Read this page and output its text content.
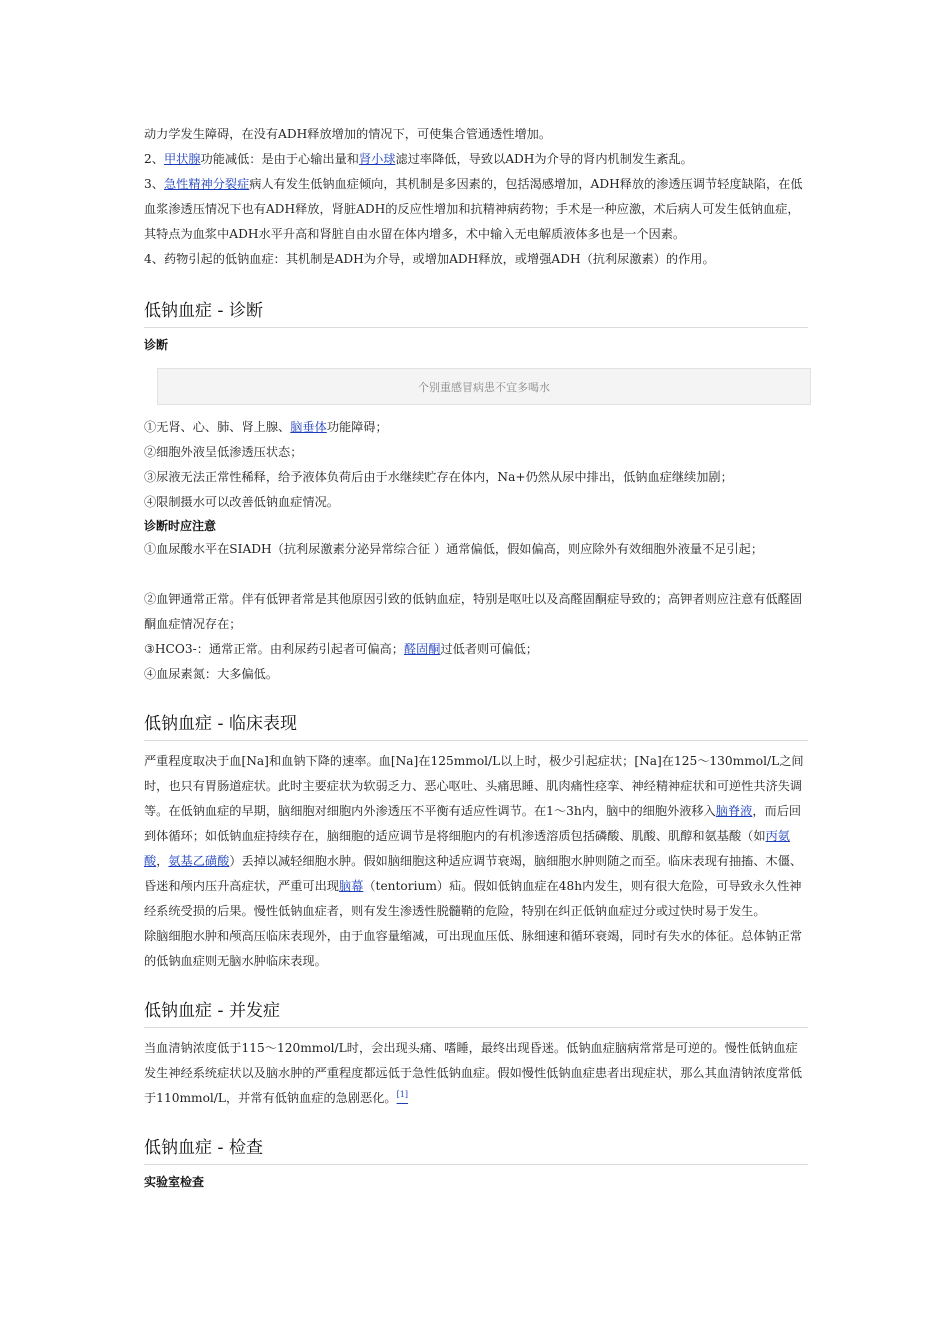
动力学发生障碍，在没有ADH释放增加的情况下，可使集合管通透性增加。

2、甲状腺功能减低：是由于心输出量和肾小球滤过率降低，导致以ADH为介导的肾内机制发生紊乱。

3、急性精神分裂症病人有发生低钠血症倾向，其机制是多因素的，包括渴感增加，ADH释放的渗透压调节轻度缺陷，在低血浆渗透压情况下也有ADH释放，肾脏ADH的反应性增加和抗精神病药物；手术是一种应激，术后病人可发生低钠血症，其特点为血浆中ADH水平升高和肾脏自由水留在体内增多，术中输入无电解质液体多也是一个因素。

4、药物引起的低钠血症：其机制是ADH为介导，或增加ADH释放，或增强ADH（抗利尿激素）的作用。

低钠血症 - 诊断

诊断

个别重感冒病患不宜多喝水

①无肾、心、肺、肾上腺、脑垂体功能障碍；

②细胞外液呈低渗透压状态；

③尿液无法正常性稀释，给予液体负荷后由于水继续贮存在体内，Na+仍然从尿中排出，低钠血症继续加剧；

④限制摄水可以改善低钠血症情况。

诊断时应注意

①血尿酸水平在SIADH（抗利尿激素分泌异常综合征 ）通常偏低，假如偏高，则应除外有效细胞外液量不足引起；

②血钾通常正常。伴有低钾者常是其他原因引致的低钠血症，特别是呕吐以及高醛固酮症导致的；高钾者则应注意有低醛固酮血症情况存在；

③HCO3-：通常正常。由利尿药引起者可偏高；醛固酮过低者则可偏低；

④血尿素氮：大多偏低。

低钠血症 - 临床表现

严重程度取决于血[Na]和血钠下降的速率。血[Na]在125mmol/L以上时，极少引起症状；[Na]在125～130mmol/L之间时，也只有胃肠道症状。此时主要症状为软弱乏力、恶心呕吐、头痛思睡、肌肉痛性痉挛、神经精神症状和可逆性共济失调等。在低钠血症的早期，脑细胞对细胞内外渗透压不平衡有适应性调节。在1～3h内，脑中的细胞外液移入脑脊液，而后回到体循环；如低钠血症持续存在，脑细胞的适应调节是将细胞内的有机渗透溶质包括磷酸、肌酸、肌醇和氨基酸（如丙氨酸，氨基乙磺酸）丢掉以减轻细胞水肿。假如脑细胞这种适应调节衰竭，脑细胞水肿则随之而至。临床表现有抽搐、木僵、昏迷和颅内压升高症状，严重可出现脑幕（tentorium）疝。假如低钠血症在48h内发生，则有很大危险，可导致永久性神经系统受损的后果。慢性低钠血症者，则有发生渗透性脱髓鞘的危险，特别在纠正低钠血症过分或过快时易于发生。

除脑细胞水肿和颅高压临床表现外，由于血容量缩减，可出现血压低、脉细速和循环衰竭，同时有失水的体征。总体钠正常的低钠血症则无脑水肿临床表现。

低钠血症 - 并发症

当血清钠浓度低于115～120mmol/L时，会出现头痛、嗜睡，最终出现昏迷。低钠血症脑病常常是可逆的。慢性低钠血症发生神经系统症状以及脑水肿的严重程度都远低于急性低钠血症。假如慢性低钠血症患者出现症状，那么其血清钠浓度常低于110mmol/L，并常有低钠血症的急剧恶化。[1]

低钠血症 - 检查

实验室检查
